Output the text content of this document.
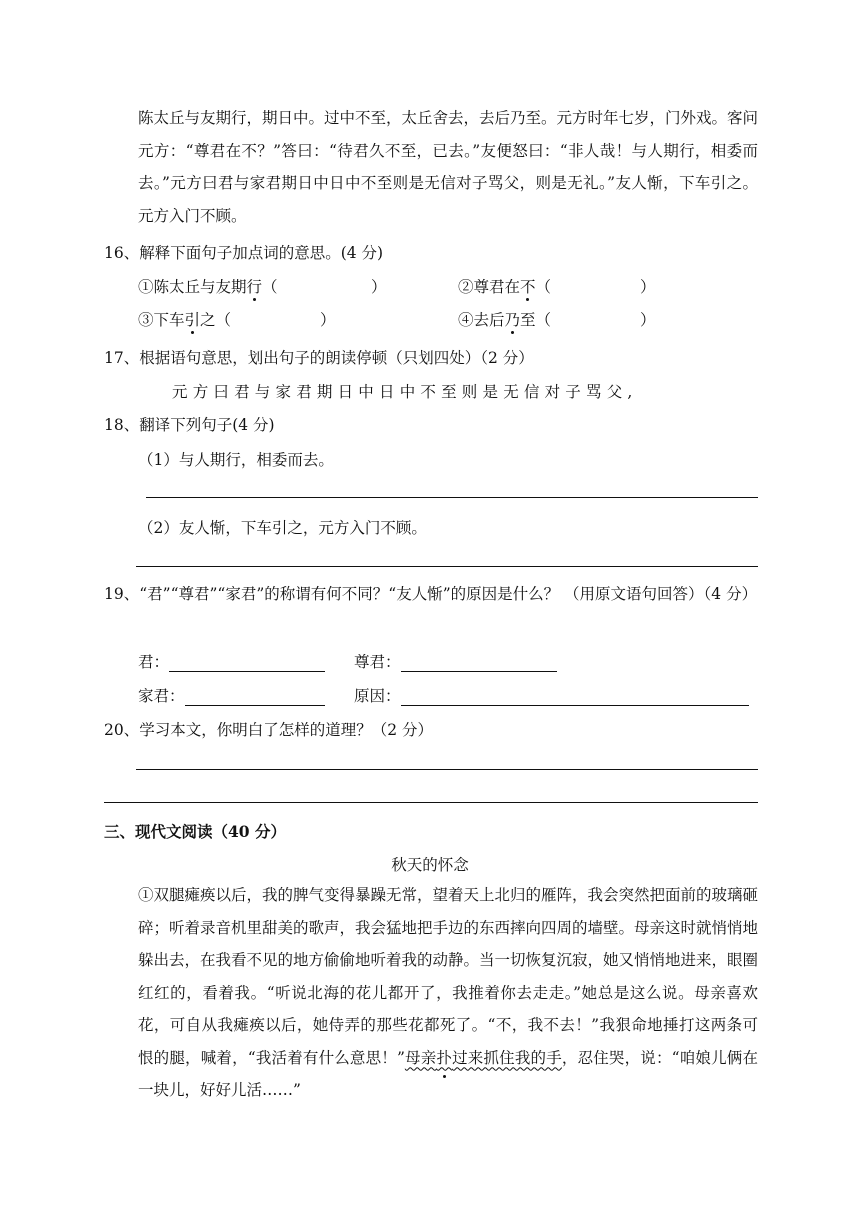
陈太丘与友期行，期日中。过中不至，太丘舍去，去后乃至。元方时年七岁，门外戏。客问元方：“尊君在不？”答曰：“待君久不至，已去。”友便怒曰：“非人哉！与人期行，相委而去。”元方曰君与家君期日中日中不至则是无信对子骂父，则是无礼。”友人惭，下车引之。元方入门不顾。
16、解释下面句子加点词的意思。(4 分)
①陈太丘与友期行（	）	②尊君在不（	）
③下车引之（	）	④去后乃至（	）
17、根据语句意思，划出句子的朗读停顿（只划四处）（2 分）
元方曰君与家君期日中日中不至则是无信对子骂父,
18、翻译下列句子(4 分)
（1）与人期行，相委而去。
（2）友人惭，下车引之，元方入门不顾。
19、“君”“尊君”“家君”的称谓有何不同？“友人惭”的原因是什么？ （用原文语句回答）（4 分）
君：	尊君：
家君：	原因：
20、学习本文，你明白了怎样的道理？（2 分）
三、现代文阅读（40 分）
秋天的怀念
①双腿瘫痪以后，我的脾气变得暴躁无常，望着天上北归的雁阵，我会突然把面前的玻璃砸碎；听着录音机里甜美的歌声，我会猛地把手边的东西摔向四周的墙壁。母亲这时就悄悄地躲出去，在我看不见的地方偷偷地听着我的动静。当一切恢复沉寂，她又悄悄地进来，眼圈红红的，看着我。“听说北海的花儿都开了，我推着你去走走。”她总是这么说。母亲喜欢花，可自从我瘫痪以后，她侍弄的那些花都死了。“不，我不去！”我狠命地捶打这两条可恨的腿，喊着，“我活着有什么意思！”母亲扑过来抓住我的手，忍住哭，说：“咱娘儿俩在一块儿，好好儿活……”
